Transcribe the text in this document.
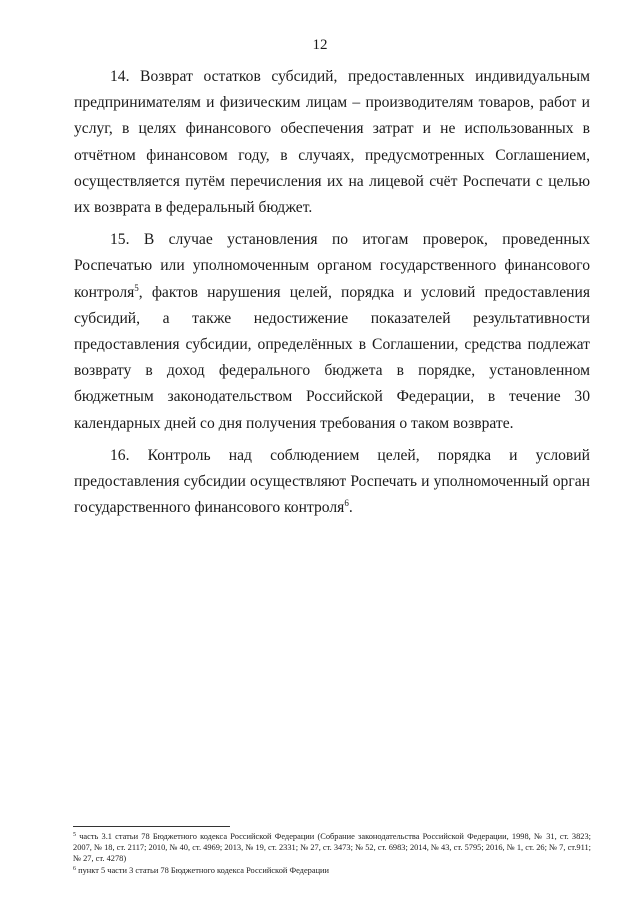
12

14. Возврат остатков субсидий, предоставленных индивидуальным предпринимателям и физическим лицам – производителям товаров, работ и услуг, в целях финансового обеспечения затрат и не использованных в отчётном финансовом году, в случаях, предусмотренных Соглашением, осуществляется путём перечисления их на лицевой счёт Роспечати с целью их возврата в федеральный бюджет.

15. В случае установления по итогам проверок, проведенных Роспечатью или уполномоченным органом государственного финансового контроля$^5$, фактов нарушения целей, порядка и условий предоставления субсидий, а также недостижение показателей результативности предоставления субсидии, определённых в Соглашении, средства подлежат возврату в доход федерального бюджета в порядке, установленном бюджетным законодательством Российской Федерации, в течение 30 календарных дней со дня получения требования о таком возврате.

16. Контроль над соблюдением целей, порядка и условий предоставления субсидии осуществляют Роспечать и уполномоченный орган государственного финансового контроля$^6$.

$^5$ часть 3.1 статьи 78 Бюджетного кодекса Российской Федерации (Собрание законодательства Российской Федерации, 1998, № 31, ст. 3823; 2007, № 18, ст. 2117; 2010, № 40, ст. 4969; 2013, № 19, ст. 2331; № 27, ст. 3473; № 52, ст. 6983; 2014, № 43, ст. 5795; 2016, № 1, ст. 26; № 7, ст.911; № 27, ст. 4278)

$^6$ пункт 5 части 3 статьи 78 Бюджетного кодекса Российской Федерации
